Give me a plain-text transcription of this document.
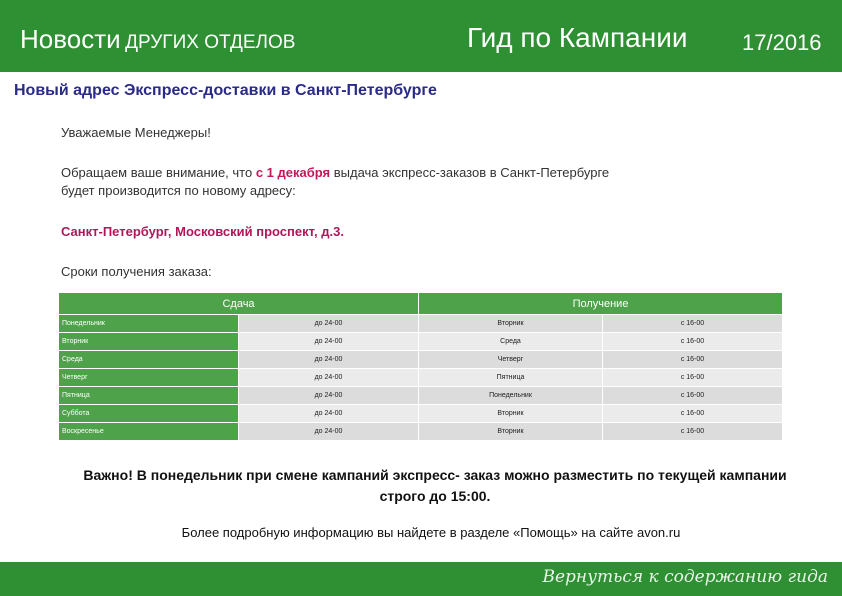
Новости ДРУГИХ ОТДЕЛОВ	Гид по Кампании 17/2016
Новый адрес Экспресс-доставки в Санкт-Петербурге
Уважаемые Менеджеры!
Обращаем ваше внимание, что с 1 декабря выдача экспресс-заказов в Санкт-Петербурге
будет производится по новому адресу:
Санкт-Петербург, Московский проспект, д.3.
Сроки получения заказа:
Сдача		Получение	
Понедельник	до 24-00	Вторник	с 16-00
Вторник	до 24-00	Среда	с 16-00
Среда	до 24-00	Четверг	с 16-00
Четверг	до 24-00	Пятница	с 16-00
Пятница	до 24-00	Понедельник	с 16-00
Суббота	до 24-00	Вторник	с 16-00
Воскресенье	до 24-00	Вторник	с 16-00
Важно! В понедельник при смене кампаний экспресс- заказ можно разместить по текущей кампании строго до 15:00.
Более подробную информацию вы найдете в разделе «Помощь» на сайте avon.ru
Вернуться к содержанию гида
